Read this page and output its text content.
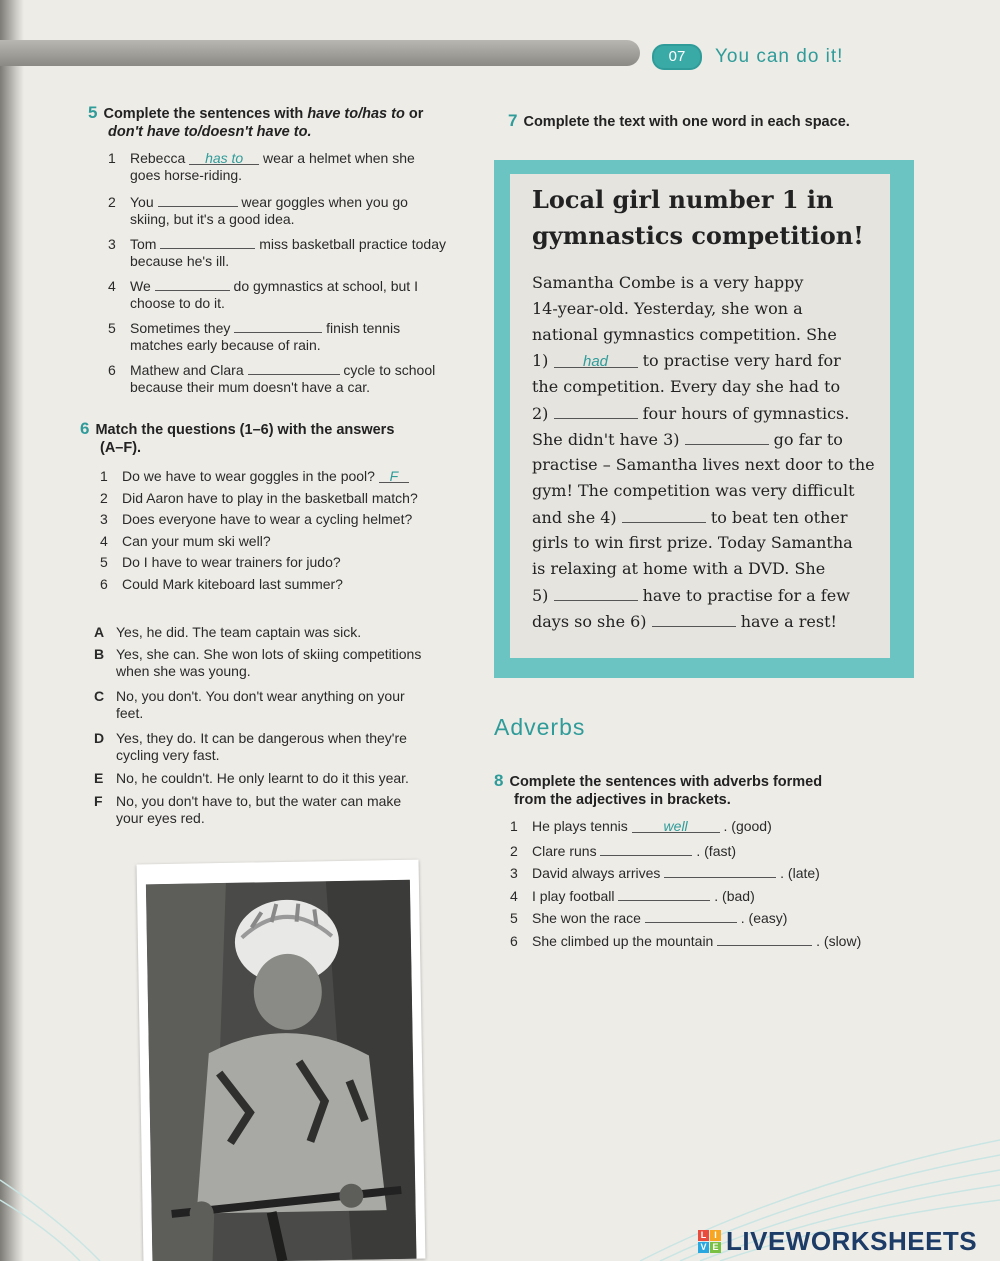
07	You can do it!
5 Complete the sentences with have to/has to or
don't have to/doesn't have to.
1 Rebecca has to wear a helmet when she
goes horse-riding.
2 You	wear goggles when you go
skiing, but it's a good idea.
3 Tom	miss basketball practice today
because he's ill.
4 We	do gymnastics at school, but I
choose to do it.
5 Sometimes they	finish tennis
matches early because of rain.
6 Mathew and Clara	cycle to school
because their mum doesn't have a car.
6 Match the questions (1–6) with the answers
(A–F).
1 Do we have to wear goggles in the pool? F
2 Did Aaron have to play in the basketball match?
3 Does everyone have to wear a cycling helmet?
4 Can your mum ski well?
5 Do I have to wear trainers for judo?
6 Could Mark kiteboard last summer?
A Yes, he did. The team captain was sick.
B Yes, she can. She won lots of skiing competitions
when she was young.
C No, you don't. You don't wear anything on your
feet.
D Yes, they do. It can be dangerous when they're
cycling very fast.
E No, he couldn't. He only learnt to do it this year.
F No, you don't have to, but the water can make
your eyes red.
7 Complete the text with one word in each space.
Local girl number 1 in
gymnastics competition!
Samantha Combe is a very happy
14-year-old. Yesterday, she won a
national gymnastics competition. She
1) had to practise very hard for
the competition. Every day she had to
2)	four hours of gymnastics.
She didn't have 3)	go far to
practise – Samantha lives next door to the
gym! The competition was very difficult
and she 4)	to beat ten other
girls to win first prize. Today Samantha
is relaxing at home with a DVD. She
5)	have to practise for a few
days so she 6)	have a rest!
Adverbs
8 Complete the sentences with adverbs formed
from the adjectives in brackets.
1 He plays tennis well . (good)
2 Clare runs	. (fast)
3 David always arrives	. (late)
4 I play football	. (bad)
5 She won the race	. (easy)
6 She climbed up the mountain	. (slow)
L I
V E LIVEWORKSHEETS
